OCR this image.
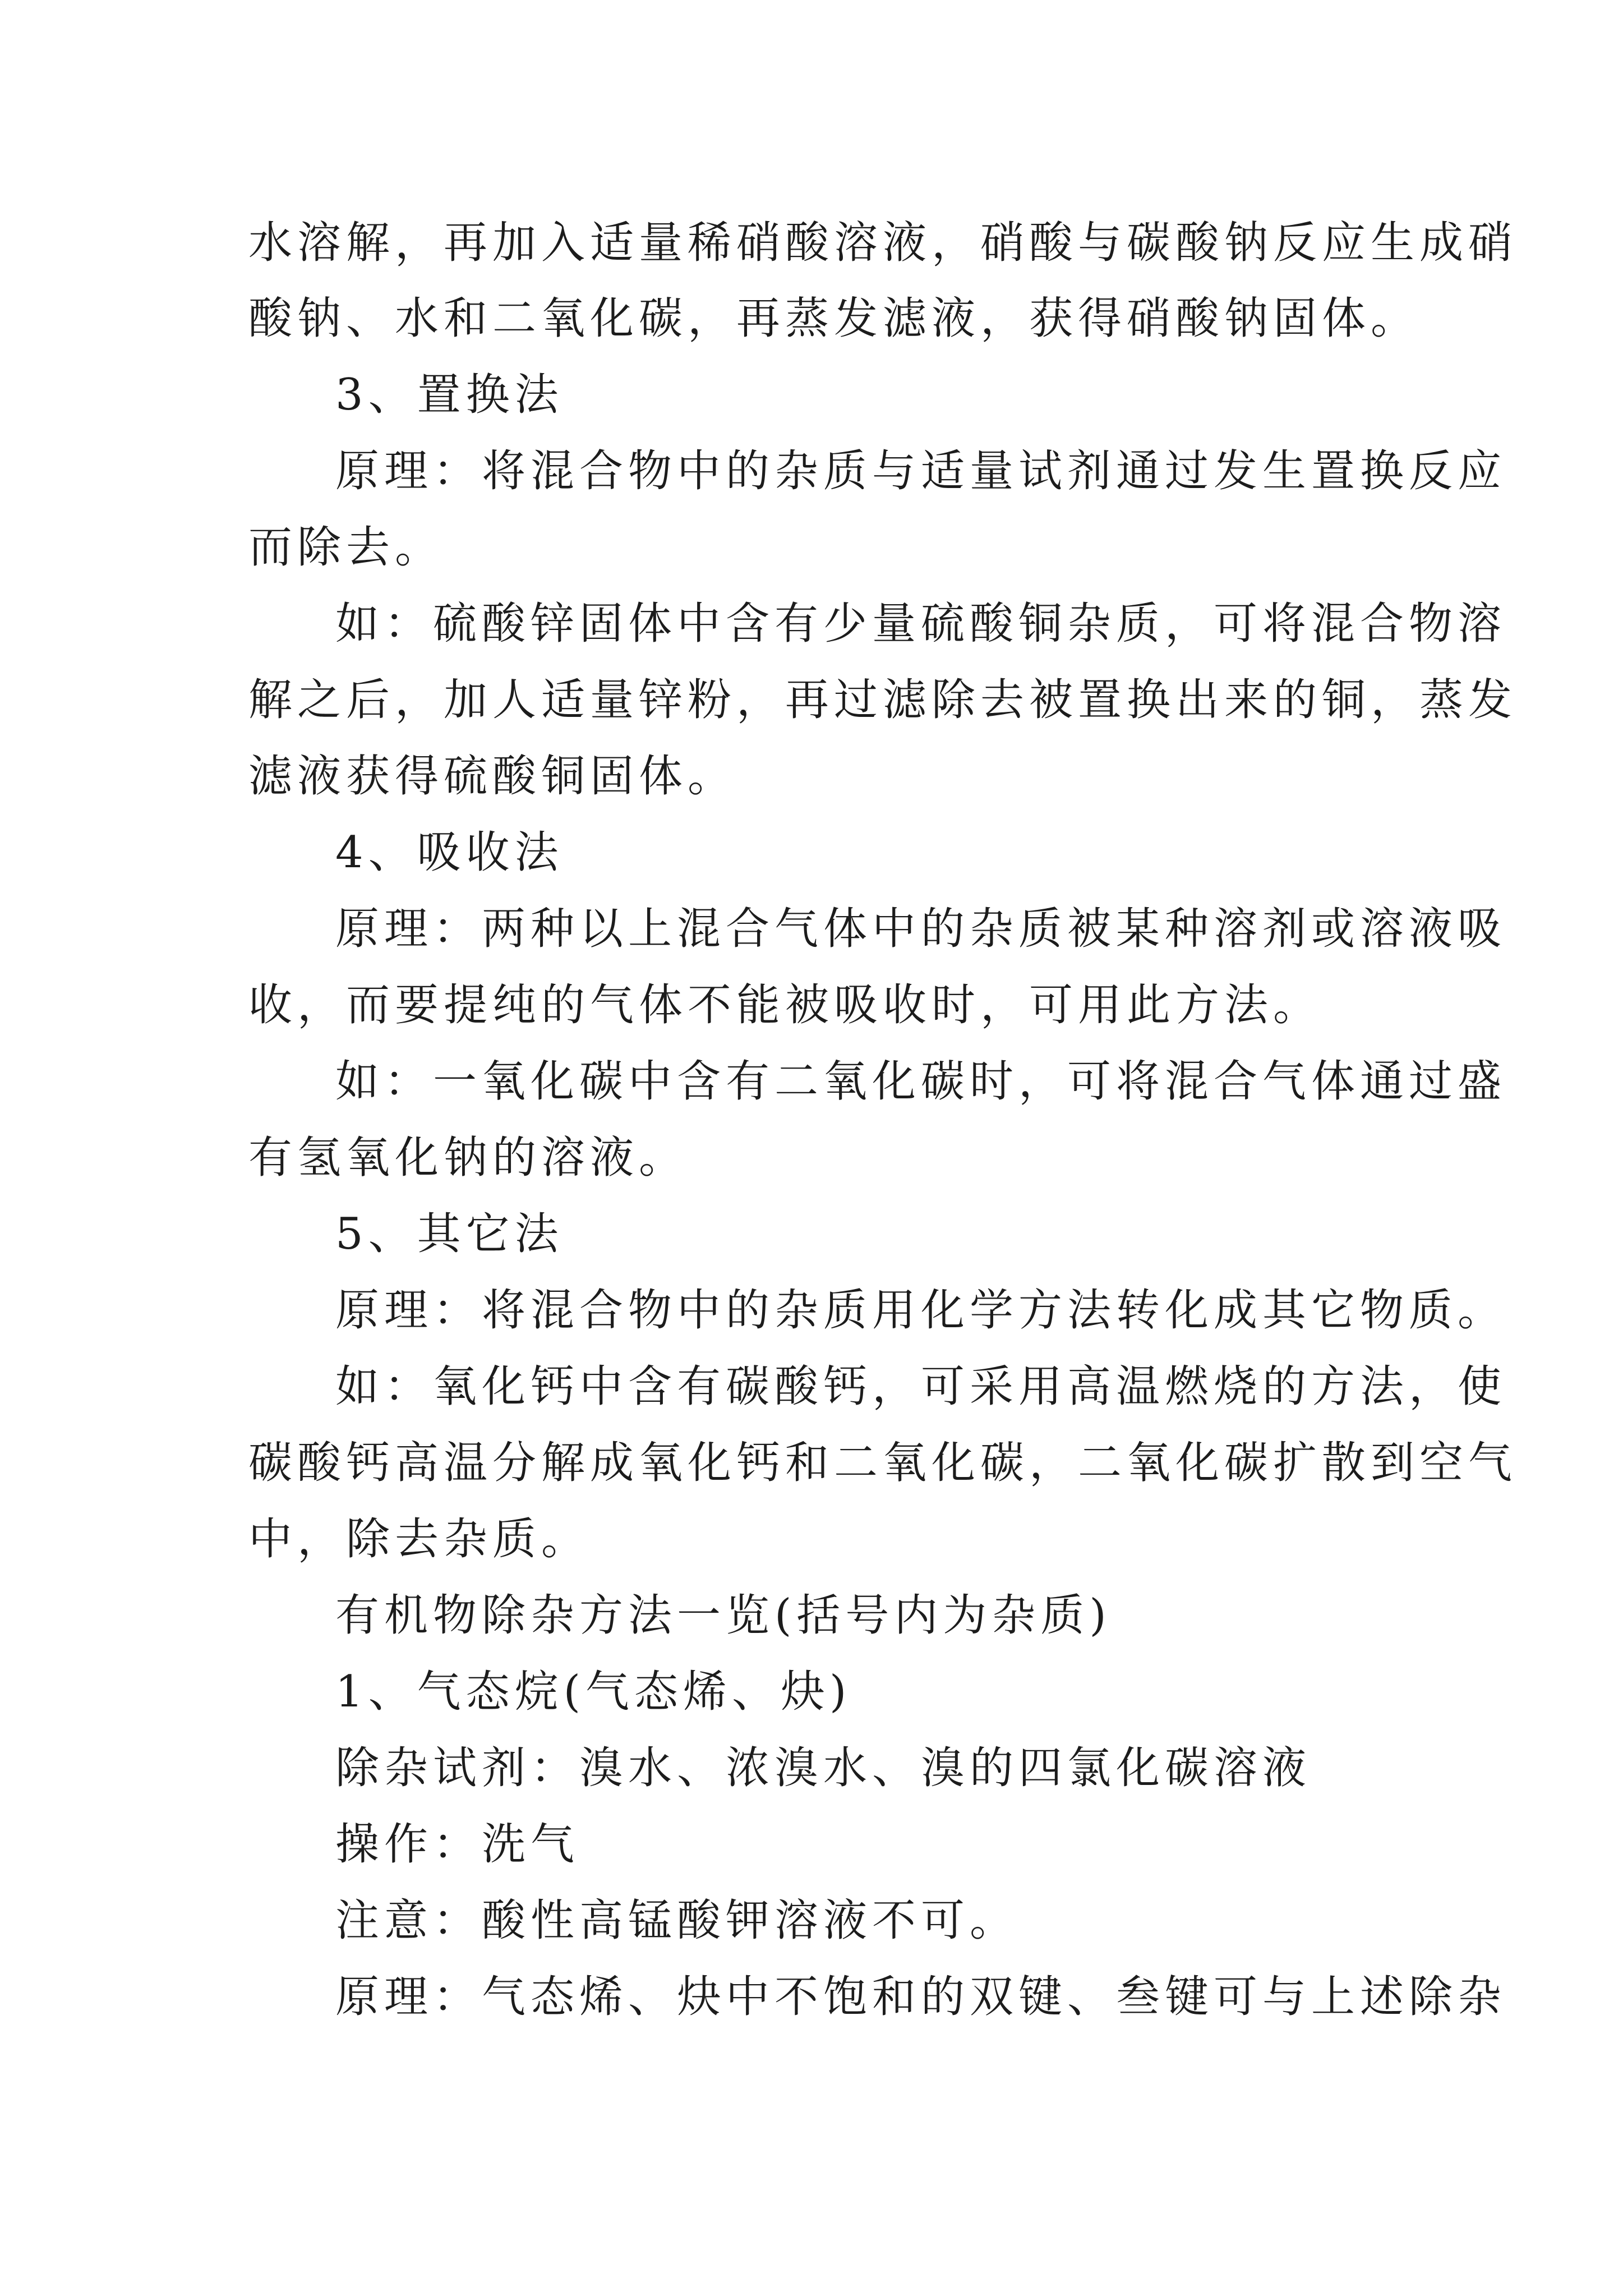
水溶解，再加入适量稀硝酸溶液，硝酸与碳酸钠反应生成硝
酸钠、水和二氧化碳，再蒸发滤液，获得硝酸钠固体。
3、置换法
原理：将混合物中的杂质与适量试剂通过发生置换反应
而除去。
如：硫酸锌固体中含有少量硫酸铜杂质，可将混合物溶
解之后，加人适量锌粉，再过滤除去被置换出来的铜，蒸发
滤液获得硫酸铜固体。
4、吸收法
原理：两种以上混合气体中的杂质被某种溶剂或溶液吸
收，而要提纯的气体不能被吸收时，可用此方法。
如：一氧化碳中含有二氧化碳时，可将混合气体通过盛
有氢氧化钠的溶液。
5、其它法
原理：将混合物中的杂质用化学方法转化成其它物质。
如：氧化钙中含有碳酸钙，可采用高温燃烧的方法，使
碳酸钙高温分解成氧化钙和二氧化碳，二氧化碳扩散到空气
中，除去杂质。
有机物除杂方法一览(括号内为杂质)
1、气态烷(气态烯、炔)
除杂试剂：溴水、浓溴水、溴的四氯化碳溶液
操作：洗气
注意：酸性高锰酸钾溶液不可。
原理：气态烯、炔中不饱和的双键、叁键可与上述除杂
